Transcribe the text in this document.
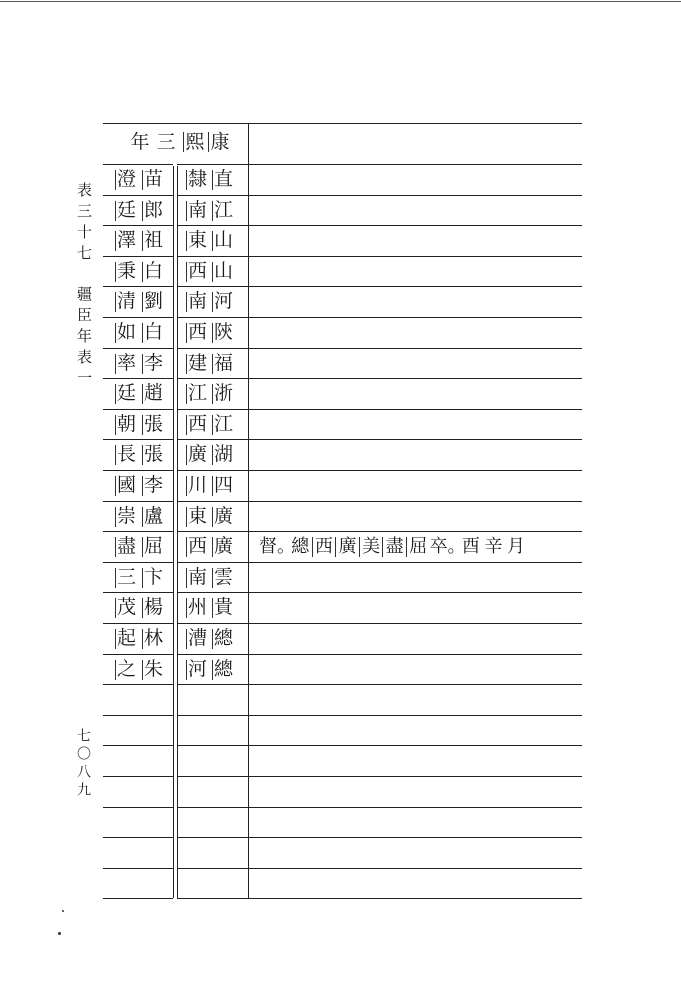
表三十七
疆臣年表一
七〇八九
年 三 熙 康
澄 苗 隸 直
廷 郎 南 江
澤 祖 東 山
秉 白 西 山
清 劉 南 河
如 白 西 陝
率 李 建 福
廷 趙 江 浙
朝 張 西 江
長 張 廣 湖
國 李 川 四
崇 盧 東 廣
盡 屈 西 廣
三 卞 南 雲
茂 楊 州 貴
起 林 漕 總
之 朱 河 總
督。總 西 廣 美 盡 屈 卒。酉 辛 月
